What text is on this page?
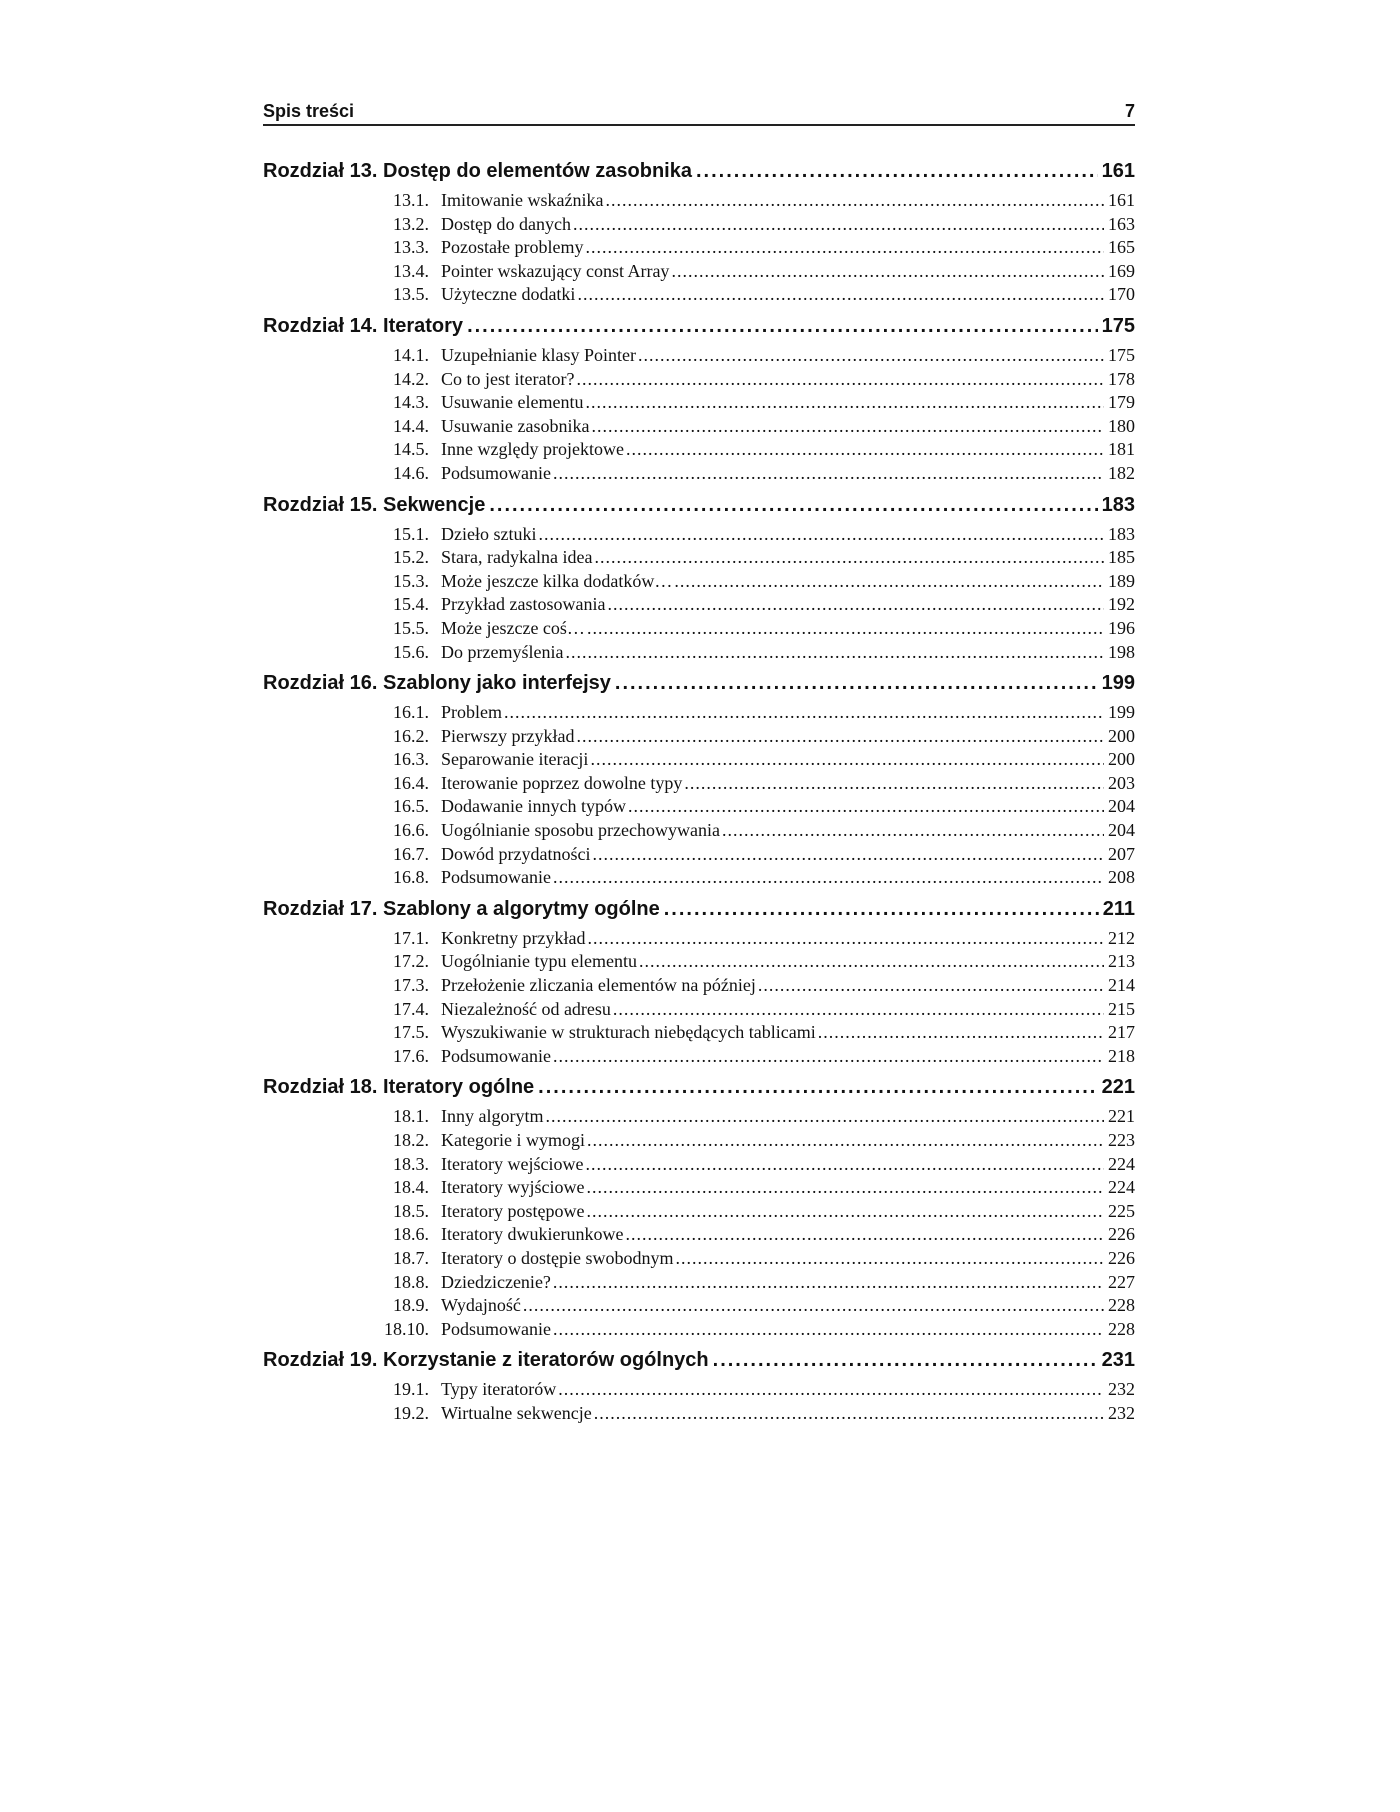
Spis treści	7
Rozdział 13. Dostęp do elementów zasobnika .....	161
13.1. Imitowanie wskaźnika .....	161
13.2. Dostęp do danych .....	163
13.3. Pozostałe problemy .....	165
13.4. Pointer wskazujący const Array .....	169
13.5. Użyteczne dodatki .....	170
Rozdział 14. Iteratory .....	175
14.1. Uzupełnianie klasy Pointer .....	175
14.2. Co to jest iterator? .....	178
14.3. Usuwanie elementu .....	179
14.4. Usuwanie zasobnika .....	180
14.5. Inne względy projektowe .....	181
14.6. Podsumowanie .....	182
Rozdział 15. Sekwencje .....	183
15.1. Dzieło sztuki .....	183
15.2. Stara, radykalna idea .....	185
15.3. Może jeszcze kilka dodatków… .....	189
15.4. Przykład zastosowania .....	192
15.5. Może jeszcze coś… .....	196
15.6. Do przemyślenia .....	198
Rozdział 16. Szablony jako interfejsy .....	199
16.1. Problem .....	199
16.2. Pierwszy przykład .....	200
16.3. Separowanie iteracji .....	200
16.4. Iterowanie poprzez dowolne typy .....	203
16.5. Dodawanie innych typów .....	204
16.6. Uogólnianie sposobu przechowywania .....	204
16.7. Dowód przydatności .....	207
16.8. Podsumowanie .....	208
Rozdział 17. Szablony a algorytmy ogólne .....	211
17.1. Konkretny przykład .....	212
17.2. Uogólnianie typu elementu .....	213
17.3. Przełożenie zliczania elementów na później .....	214
17.4. Niezależność od adresu .....	215
17.5. Wyszukiwanie w strukturach niebędących tablicami .....	217
17.6. Podsumowanie .....	218
Rozdział 18. Iteratory ogólne .....	221
18.1. Inny algorytm .....	221
18.2. Kategorie i wymogi .....	223
18.3. Iteratory wejściowe .....	224
18.4. Iteratory wyjściowe .....	224
18.5. Iteratory postępowe .....	225
18.6. Iteratory dwukierunkowe .....	226
18.7. Iteratory o dostępie swobodnym .....	226
18.8. Dziedziczenie? .....	227
18.9. Wydajność .....	228
18.10. Podsumowanie .....	228
Rozdział 19. Korzystanie z iteratorów ogólnych .....	231
19.1. Typy iteratorów .....	232
19.2. Wirtualne sekwencje .....	232
